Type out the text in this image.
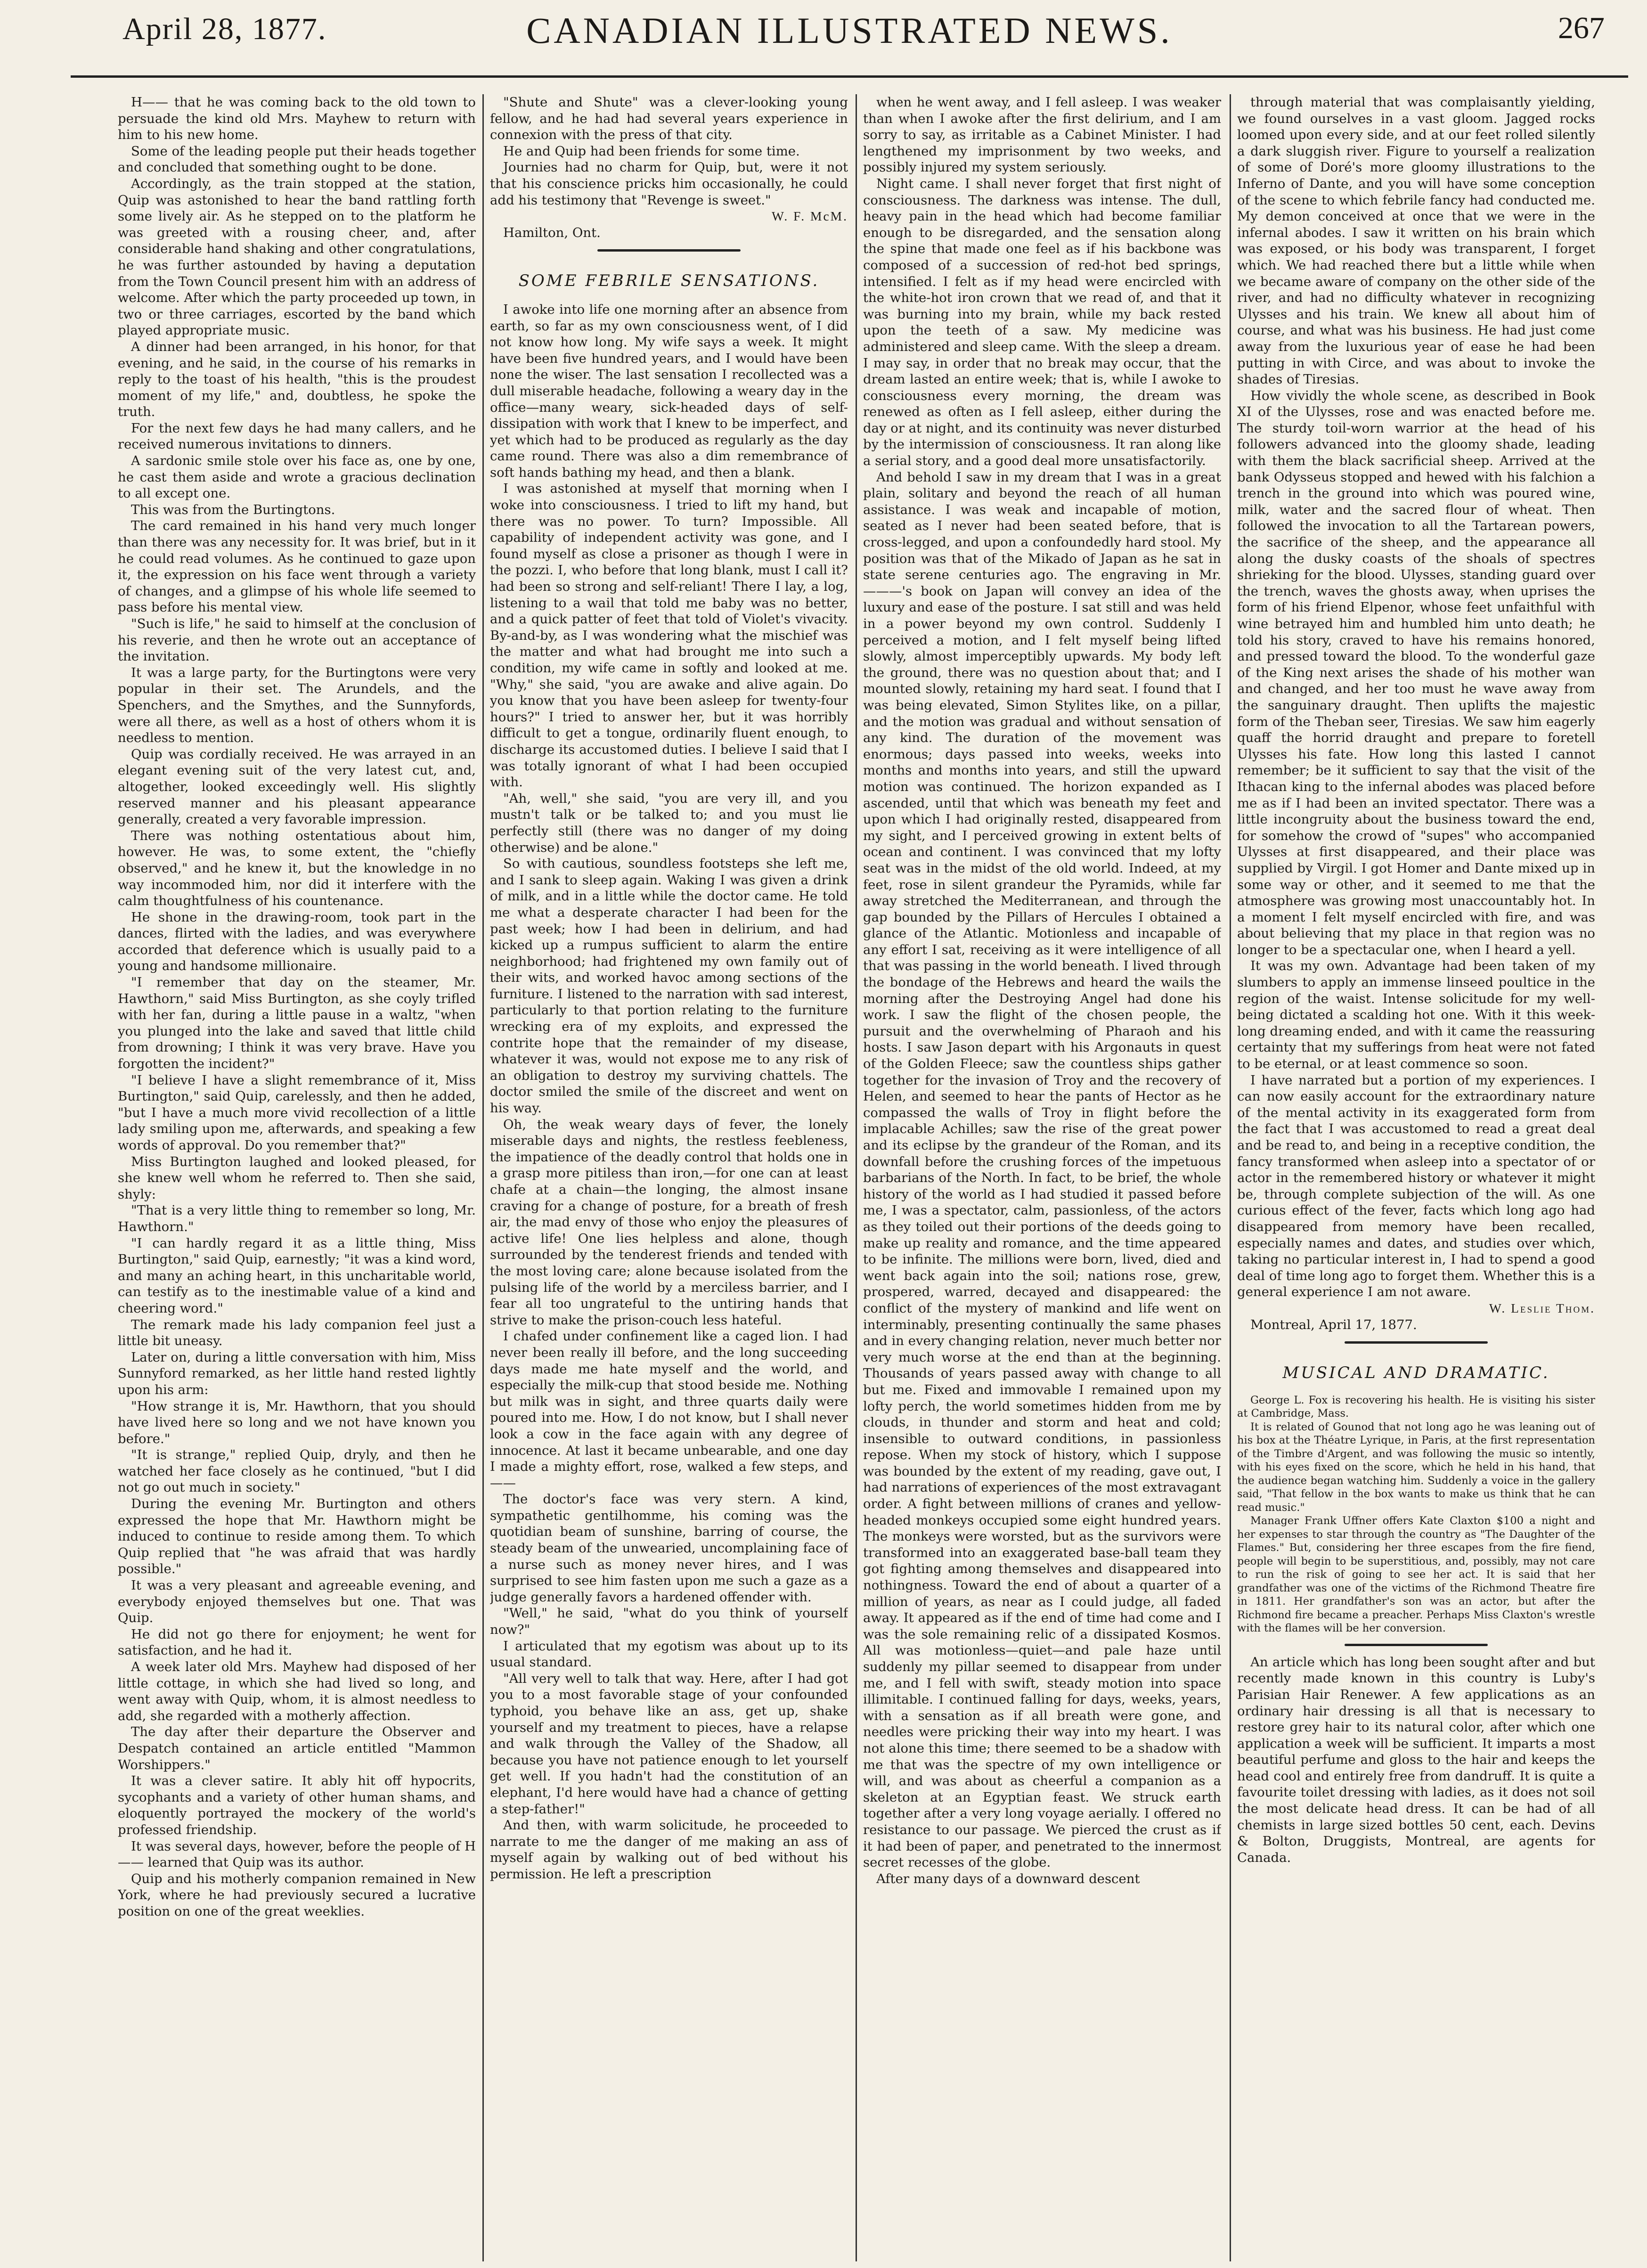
April 28, 1877.	CANADIAN ILLUSTRATED NEWS.	267

H—— that he was coming back to the old town to persuade the kind old Mrs. Mayhew to return with him to his new home.

Some of the leading people put their heads together and concluded that something ought to be done.

Accordingly, as the train stopped at the station, Quip was astonished to hear the band rattling forth some lively air. As he stepped on to the platform he was greeted with a rousing cheer, and, after considerable hand shaking and other congratulations, he was further astounded by having a deputation from the Town Council present him with an address of welcome. After which the party proceeded up town, in two or three carriages, escorted by the band which played appropriate music.

A dinner had been arranged, in his honor, for that evening, and he said, in the course of his remarks in reply to the toast of his health, "this is the proudest moment of my life," and, doubtless, he spoke the truth.

For the next few days he had many callers, and he received numerous invitations to dinners.

A sardonic smile stole over his face as, one by one, he cast them aside and wrote a gracious declination to all except one.

This was from the Burtingtons.

The card remained in his hand very much longer than there was any necessity for. It was brief, but in it he could read volumes. As he continued to gaze upon it, the expression on his face went through a variety of changes, and a glimpse of his whole life seemed to pass before his mental view.

"Such is life," he said to himself at the conclusion of his reverie, and then he wrote out an acceptance of the invitation.

It was a large party, for the Burtingtons were very popular in their set. The Arundels, and the Spenchers, and the Smythes, and the Sunnyfords, were all there, as well as a host of others whom it is needless to mention.

Quip was cordially received. He was arrayed in an elegant evening suit of the very latest cut, and, altogether, looked exceedingly well. His slightly reserved manner and his pleasant appearance generally, created a very favorable impression.

There was nothing ostentatious about him, however. He was, to some extent, the "chiefly observed," and he knew it, but the knowledge in no way incommoded him, nor did it interfere with the calm thoughtfulness of his countenance.

He shone in the drawing-room, took part in the dances, flirted with the ladies, and was everywhere accorded that deference which is usually paid to a young and handsome millionaire.

"I remember that day on the steamer, Mr. Hawthorn," said Miss Burtington, as she coyly trifled with her fan, during a little pause in a waltz, "when you plunged into the lake and saved that little child from drowning; I think it was very brave. Have you forgotten the incident?"

"I believe I have a slight remembrance of it, Miss Burtington," said Quip, carelessly, and then he added, "but I have a much more vivid recollection of a little lady smiling upon me, afterwards, and speaking a few words of approval. Do you remember that?"

Miss Burtington laughed and looked pleased, for she knew well whom he referred to. Then she said, shyly:

"That is a very little thing to remember so long, Mr. Hawthorn."

"I can hardly regard it as a little thing, Miss Burtington," said Quip, earnestly; "it was a kind word, and many an aching heart, in this uncharitable world, can testify as to the inestimable value of a kind and cheering word."

The remark made his lady companion feel just a little bit uneasy.

Later on, during a little conversation with him, Miss Sunnyford remarked, as her little hand rested lightly upon his arm:

"How strange it is, Mr. Hawthorn, that you should have lived here so long and we not have known you before."

"It is strange," replied Quip, dryly, and then he watched her face closely as he continued, "but I did not go out much in society."

During the evening Mr. Burtington and others expressed the hope that Mr. Hawthorn might be induced to continue to reside among them. To which Quip replied that "he was afraid that was hardly possible."

It was a very pleasant and agreeable evening, and everybody enjoyed themselves but one. That was Quip.

He did not go there for enjoyment; he went for satisfaction, and he had it.

A week later old Mrs. Mayhew had disposed of her little cottage, in which she had lived so long, and went away with Quip, whom, it is almost needless to add, she regarded with a motherly affection.

The day after their departure the Observer and Despatch contained an article entitled "Mammon Worshippers."

It was a clever satire. It ably hit off hypocrits, sycophants and a variety of other human shams, and eloquently portrayed the mockery of the world's professed friendship.

It was several days, however, before the people of H—— learned that Quip was its author.

Quip and his motherly companion remained in New York, where he had previously secured a lucrative position on one of the great weeklies.

"Shute and Shute" was a clever-looking young fellow, and he had had several years experience in connexion with the press of that city.

He and Quip had been friends for some time.

Journies had no charm for Quip, but, were it not that his conscience pricks him occasionally, he could add his testimony that "Revenge is sweet."

W. F. McM.

Hamilton, Ont.

SOME FEBRILE SENSATIONS.

I awoke into life one morning after an absence from earth, so far as my own consciousness went, of I did not know how long. My wife says a week. It might have been five hundred years, and I would have been none the wiser. The last sensation I recollected was a dull miserable headache, following a weary day in the office—many weary, sick-headed days of self-dissipation with work that I knew to be imperfect, and yet which had to be produced as regularly as the day came round. There was also a dim remembrance of soft hands bathing my head, and then a blank.

I was astonished at myself that morning when I woke into consciousness. I tried to lift my hand, but there was no power. To turn? Impossible. All capability of independent activity was gone, and I found myself as close a prisoner as though I were in the pozzi. I, who before that long blank, must I call it? had been so strong and self-reliant! There I lay, a log, listening to a wail that told me baby was no better, and a quick patter of feet that told of Violet's vivacity. By-and-by, as I was wondering what the mischief was the matter and what had brought me into such a condition, my wife came in softly and looked at me. "Why," she said, "you are awake and alive again. Do you know that you have been asleep for twenty-four hours?" I tried to answer her, but it was horribly difficult to get a tongue, ordinarily fluent enough, to discharge its accustomed duties. I believe I said that I was totally ignorant of what I had been occupied with.

"Ah, well," she said, "you are very ill, and you mustn't talk or be talked to; and you must lie perfectly still (there was no danger of my doing otherwise) and be alone."

So with cautious, soundless footsteps she left me, and I sank to sleep again. Waking I was given a drink of milk, and in a little while the doctor came. He told me what a desperate character I had been for the past week; how I had been in delirium, and had kicked up a rumpus sufficient to alarm the entire neighborhood; had frightened my own family out of their wits, and worked havoc among sections of the furniture. I listened to the narration with sad interest, particularly to that portion relating to the furniture wrecking era of my exploits, and expressed the contrite hope that the remainder of my disease, whatever it was, would not expose me to any risk of an obligation to destroy my surviving chattels. The doctor smiled the smile of the discreet and went on his way.

Oh, the weak weary days of fever, the lonely miserable days and nights, the restless feebleness, the impatience of the deadly control that holds one in a grasp more pitiless than iron,—for one can at least chafe at a chain—the longing, the almost insane craving for a change of posture, for a breath of fresh air, the mad envy of those who enjoy the pleasures of active life! One lies helpless and alone, though surrounded by the tenderest friends and tended with the most loving care; alone because isolated from the pulsing life of the world by a merciless barrier, and I fear all too ungrateful to the untiring hands that strive to make the prison-couch less hateful.

I chafed under confinement like a caged lion. I had never been really ill before, and the long succeeding days made me hate myself and the world, and especially the milk-cup that stood beside me. Nothing but milk was in sight, and three quarts daily were poured into me. How, I do not know, but I shall never look a cow in the face again with any degree of innocence. At last it became unbearable, and one day I made a mighty effort, rose, walked a few steps, and——

The doctor's face was very stern. A kind, sympathetic gentilhomme, his coming was the quotidian beam of sunshine, barring of course, the steady beam of the unwearied, uncomplaining face of a nurse such as money never hires, and I was surprised to see him fasten upon me such a gaze as a judge generally favors a hardened offender with.

"Well," he said, "what do you think of yourself now?"

I articulated that my egotism was about up to its usual standard.

"All very well to talk that way. Here, after I had got you to a most favorable stage of your confounded typhoid, you behave like an ass, get up, shake yourself and my treatment to pieces, have a relapse and walk through the Valley of the Shadow, all because you have not patience enough to let yourself get well. If you hadn't had the constitution of an elephant, I'd here would have had a chance of getting a step-father!"

And then, with warm solicitude, he proceeded to narrate to me the danger of me making an ass of myself again by walking out of bed without his permission. He left a prescription

when he went away, and I fell asleep. I was weaker than when I awoke after the first delirium, and I am sorry to say, as irritable as a Cabinet Minister. I had lengthened my imprisonment by two weeks, and possibly injured my system seriously.

Night came. I shall never forget that first night of consciousness. The darkness was intense. The dull, heavy pain in the head which had become familiar enough to be disregarded, and the sensation along the spine that made one feel as if his backbone was composed of a succession of red-hot bed springs, intensified. I felt as if my head were encircled with the white-hot iron crown that we read of, and that it was burning into my brain, while my back rested upon the teeth of a saw. My medicine was administered and sleep came. With the sleep a dream. I may say, in order that no break may occur, that the dream lasted an entire week; that is, while I awoke to consciousness every morning, the dream was renewed as often as I fell asleep, either during the day or at night, and its continuity was never disturbed by the intermission of consciousness. It ran along like a serial story, and a good deal more unsatisfactorily.

And behold I saw in my dream that I was in a great plain, solitary and beyond the reach of all human assistance. I was weak and incapable of motion, seated as I never had been seated before, that is cross-legged, and upon a confoundedly hard stool. My position was that of the Mikado of Japan as he sat in state serene centuries ago. The engraving in Mr. ———'s book on Japan will convey an idea of the luxury and ease of the posture. I sat still and was held in a power beyond my own control. Suddenly I perceived a motion, and I felt myself being lifted slowly, almost imperceptibly upwards. My body left the ground, there was no question about that; and I mounted slowly, retaining my hard seat. I found that I was being elevated, Simon Stylites like, on a pillar, and the motion was gradual and without sensation of any kind. The duration of the movement was enormous; days passed into weeks, weeks into months and months into years, and still the upward motion was continued. The horizon expanded as I ascended, until that which was beneath my feet and upon which I had originally rested, disappeared from my sight, and I perceived growing in extent belts of ocean and continent. I was convinced that my lofty seat was in the midst of the old world. Indeed, at my feet, rose in silent grandeur the Pyramids, while far away stretched the Mediterranean, and through the gap bounded by the Pillars of Hercules I obtained a glance of the Atlantic. Motionless and incapable of any effort I sat, receiving as it were intelligence of all that was passing in the world beneath. I lived through the bondage of the Hebrews and heard the wails the morning after the Destroying Angel had done his work. I saw the flight of the chosen people, the pursuit and the overwhelming of Pharaoh and his hosts. I saw Jason depart with his Argonauts in quest of the Golden Fleece; saw the countless ships gather together for the invasion of Troy and the recovery of Helen, and seemed to hear the pants of Hector as he compassed the walls of Troy in flight before the implacable Achilles; saw the rise of the great power and its eclipse by the grandeur of the Roman, and its downfall before the crushing forces of the impetuous barbarians of the North. In fact, to be brief, the whole history of the world as I had studied it passed before me, I was a spectator, calm, passionless, of the actors as they toiled out their portions of the deeds going to make up reality and romance, and the time appeared to be infinite. The millions were born, lived, died and went back again into the soil; nations rose, grew, prospered, warred, decayed and disappeared: the conflict of the mystery of mankind and life went on interminably, presenting continually the same phases and in every changing relation, never much better nor very much worse at the end than at the beginning. Thousands of years passed away with change to all but me. Fixed and immovable I remained upon my lofty perch, the world sometimes hidden from me by clouds, in thunder and storm and heat and cold; insensible to outward conditions, in passionless repose. When my stock of history, which I suppose was bounded by the extent of my reading, gave out, I had narrations of experiences of the most extravagant order. A fight between millions of cranes and yellow-headed monkeys occupied some eight hundred years. The monkeys were worsted, but as the survivors were transformed into an exaggerated base-ball team they got fighting among themselves and disappeared into nothingness. Toward the end of about a quarter of a million of years, as near as I could judge, all faded away. It appeared as if the end of time had come and I was the sole remaining relic of a dissipated Kosmos. All was motionless—quiet—and pale haze until suddenly my pillar seemed to disappear from under me, and I fell with swift, steady motion into space illimitable. I continued falling for days, weeks, years, with a sensation as if all breath were gone, and needles were pricking their way into my heart. I was not alone this time; there seemed to be a shadow with me that was the spectre of my own intelligence or will, and was about as cheerful a companion as a skeleton at an Egyptian feast. We struck earth together after a very long voyage aerially. I offered no resistance to our passage. We pierced the crust as if it had been of paper, and penetrated to the innermost secret recesses of the globe.

After many days of a downward descent

through material that was complaisantly yielding, we found ourselves in a vast gloom. Jagged rocks loomed upon every side, and at our feet rolled silently a dark sluggish river. Figure to yourself a realization of some of Doré's more gloomy illustrations to the Inferno of Dante, and you will have some conception of the scene to which febrile fancy had conducted me. My demon conceived at once that we were in the infernal abodes. I saw it written on his brain which was exposed, or his body was transparent, I forget which. We had reached there but a little while when we became aware of company on the other side of the river, and had no difficulty whatever in recognizing Ulysses and his train. We knew all about him of course, and what was his business. He had just come away from the luxurious year of ease he had been putting in with Circe, and was about to invoke the shades of Tiresias.

How vividly the whole scene, as described in Book XI of the Ulysses, rose and was enacted before me. The sturdy toil-worn warrior at the head of his followers advanced into the gloomy shade, leading with them the black sacrificial sheep. Arrived at the bank Odysseus stopped and hewed with his falchion a trench in the ground into which was poured wine, milk, water and the sacred flour of wheat. Then followed the invocation to all the Tartarean powers, the sacrifice of the sheep, and the appearance all along the dusky coasts of the shoals of spectres shrieking for the blood. Ulysses, standing guard over the trench, waves the ghosts away, when uprises the form of his friend Elpenor, whose feet unfaithful with wine betrayed him and humbled him unto death; he told his story, craved to have his remains honored, and pressed toward the blood. To the wonderful gaze of the King next arises the shade of his mother wan and changed, and her too must he wave away from the sanguinary draught. Then uplifts the majestic form of the Theban seer, Tiresias. We saw him eagerly quaff the horrid draught and prepare to foretell Ulysses his fate. How long this lasted I cannot remember; be it sufficient to say that the visit of the Ithacan king to the infernal abodes was placed before me as if I had been an invited spectator. There was a little incongruity about the business toward the end, for somehow the crowd of "supes" who accompanied Ulysses at first disappeared, and their place was supplied by Virgil. I got Homer and Dante mixed up in some way or other, and it seemed to me that the atmosphere was growing most unaccountably hot. In a moment I felt myself encircled with fire, and was about believing that my place in that region was no longer to be a spectacular one, when I heard a yell.

It was my own. Advantage had been taken of my slumbers to apply an immense linseed poultice in the region of the waist. Intense solicitude for my well-being dictated a scalding hot one. With it this week-long dreaming ended, and with it came the reassuring certainty that my sufferings from heat were not fated to be eternal, or at least commence so soon.

I have narrated but a portion of my experiences. I can now easily account for the extraordinary nature of the mental activity in its exaggerated form from the fact that I was accustomed to read a great deal and be read to, and being in a receptive condition, the fancy transformed when asleep into a spectator of or actor in the remembered history or whatever it might be, through complete subjection of the will. As one curious effect of the fever, facts which long ago had disappeared from memory have been recalled, especially names and dates, and studies over which, taking no particular interest in, I had to spend a good deal of time long ago to forget them. Whether this is a general experience I am not aware.

W. Leslie Thom.

Montreal, April 17, 1877.

MUSICAL AND DRAMATIC.

George L. Fox is recovering his health. He is visiting his sister at Cambridge, Mass.

It is related of Gounod that not long ago he was leaning out of his box at the Théatre Lyrique, in Paris, at the first representation of the Timbre d'Argent, and was following the music so intently, with his eyes fixed on the score, which he held in his hand, that the audience began watching him. Suddenly a voice in the gallery said, "That fellow in the box wants to make us think that he can read music."

Manager Frank Uffner offers Kate Claxton $100 a night and her expenses to star through the country as "The Daughter of the Flames." But, considering her three escapes from the fire fiend, people will begin to be superstitious, and, possibly, may not care to run the risk of going to see her act. It is said that her grandfather was one of the victims of the Richmond Theatre fire in 1811. Her grandfather's son was an actor, but after the Richmond fire became a preacher. Perhaps Miss Claxton's wrestle with the flames will be her conversion.

An article which has long been sought after and but recently made known in this country is Luby's Parisian Hair Renewer. A few applications as an ordinary hair dressing is all that is necessary to restore grey hair to its natural color, after which one application a week will be sufficient. It imparts a most beautiful perfume and gloss to the hair and keeps the head cool and entirely free from dandruff. It is quite a favourite toilet dressing with ladies, as it does not soil the most delicate head dress. It can be had of all chemists in large sized bottles 50 cent, each. Devins & Bolton, Druggists, Montreal, are agents for Canada.
